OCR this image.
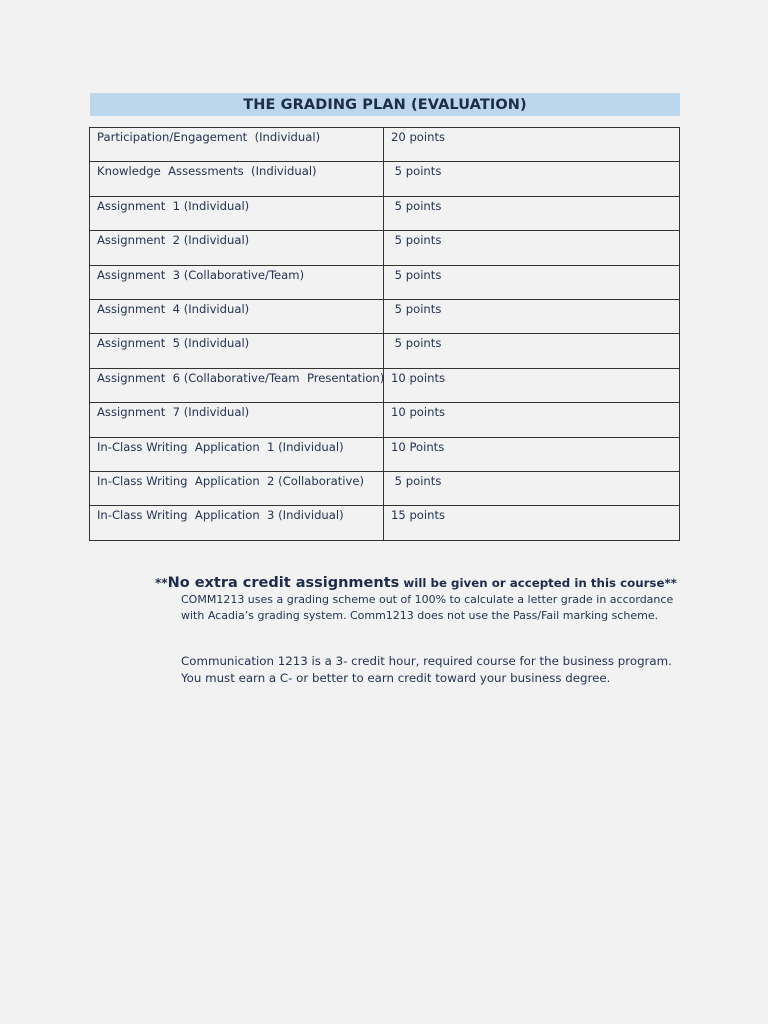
THE GRADING PLAN (EVALUATION)
Participation/Engagement  (Individual)	20 points
Knowledge  Assessments  (Individual)	5 points
Assignment  1 (Individual)	5 points
Assignment  2 (Individual)	5 points
Assignment  3 (Collaborative/Team)	5 points
Assignment  4 (Individual)	5 points
Assignment  5 (Individual)	5 points
Assignment  6 (Collaborative/Team  Presentation)	10 points
Assignment  7 (Individual)	10 points
In-Class Writing  Application  1 (Individual)	10 Points
In-Class Writing  Application  2 (Collaborative)	5 points
In-Class Writing  Application  3 (Individual)	15 points
**No extra credit assignments will be given or accepted in this course**
COMM1213 uses a grading scheme out of 100% to calculate a letter grade in accordance with Acadia’s grading system. Comm1213 does not use the Pass/Fail marking scheme.
Communication 1213 is a 3- credit hour, required course for the business program. You must earn a C- or better to earn credit toward your business degree.
